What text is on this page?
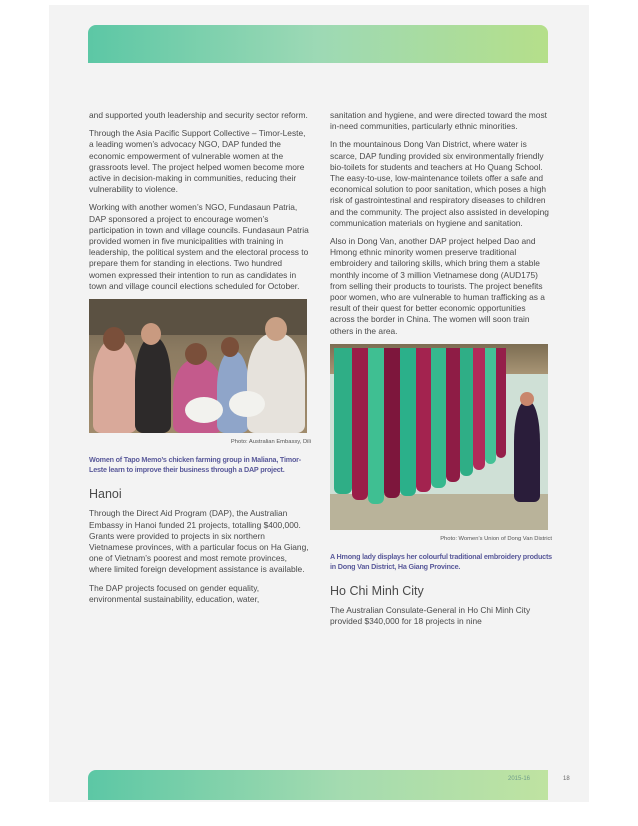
and supported youth leadership and security sector reform.

Through the Asia Pacific Support Collective – Timor-Leste, a leading women’s advocacy NGO, DAP funded the economic empowerment of vulnerable women at the grassroots level. The project helped women become more active in decision-making in communities, reducing their vulnerability to violence.

Working with another women’s NGO, Fundasaun Patria, DAP sponsored a project to encourage women’s participation in town and village councils. Fundasaun Patria provided women in five municipalities with training in leadership, the political system and the electoral process to prepare them for standing in elections. Two hundred women expressed their intention to run as candidates in town and village council elections scheduled for October.

Photo: Australian Embassy, Dili
Women of Tapo Memo’s chicken farming group in Maliana, Timor-Leste learn to improve their business through a DAP project.
Hanoi

Through the Direct Aid Program (DAP), the Australian Embassy in Hanoi funded 21 projects, totalling $400,000. Grants were provided to projects in six northern Vietnamese provinces, with a particular focus on Ha Giang, one of Vietnam’s poorest and most remote provinces, where limited foreign development assistance is available.

The DAP projects focused on gender equality, environmental sustainability, education, water,

sanitation and hygiene, and were directed toward the most in-need communities, particularly ethnic minorities.

In the mountainous Dong Van District, where water is scarce, DAP funding provided six environmentally friendly bio-toilets for students and teachers at Ho Quang School. The easy-to-use, low-maintenance toilets offer a safe and economical solution to poor sanitation, which poses a high risk of gastrointestinal and respiratory diseases to children and the community. The project also assisted in developing communication materials on hygiene and sanitation.

Also in Dong Van, another DAP project helped Dao and Hmong ethnic minority women preserve traditional embroidery and tailoring skills, which bring them a stable monthly income of 3 million Vietnamese dong (AUD175) from selling their products to tourists. The project benefits poor women, who are vulnerable to human trafficking as a result of their quest for better economic opportunities across the border in China. The women will soon train others in the area.

Photo: Women’s Union of Dong Van District
A Hmong lady displays her colourful traditional embroidery products in Dong Van District, Ha Giang Province.
Ho Chi Minh City

The Australian Consulate-General in Ho Chi Minh City provided $340,000 for 18 projects in nine

2015-16	18
